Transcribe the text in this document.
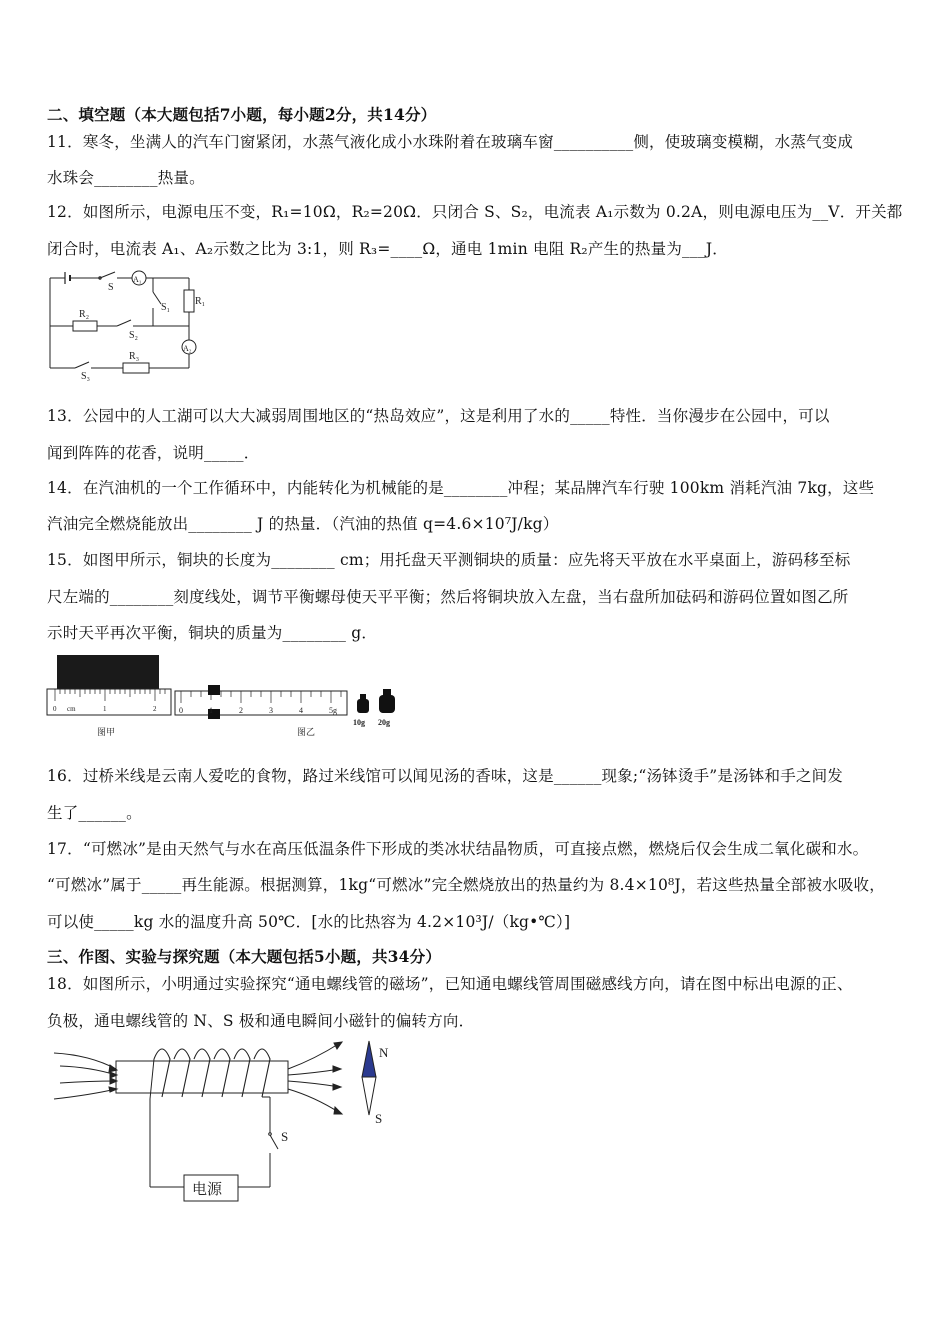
二、填空题（本大题包括7小题，每小题2分，共14分）
11．寒冬，坐满人的汽车门窗紧闭，水蒸气液化成小水珠附着在玻璃车窗__________侧，使玻璃变模糊，水蒸气变成
水珠会________热量。
12．如图所示，电源电压不变，R₁=10Ω，R₂=20Ω．只闭合 S、S₂，电流表 A₁示数为 0.2A，则电源电压为__V．开关都
闭合时，电流表 A₁、A₂示数之比为 3:1，则 R₃=____Ω，通电 1min 电阻 R₂产生的热量为___J．
S
A₁
S₁
R₁
R₂
S₂
A₂
R₃
S₃
13．公园中的人工湖可以大大减弱周围地区的“热岛效应”，这是利用了水的_____特性．当你漫步在公园中，可以
闻到阵阵的花香，说明_____．
14．在汽油机的一个工作循环中，内能转化为机械能的是________冲程；某品牌汽车行驶 100km 消耗汽油 7kg，这些
汽油完全燃烧能放出________ J 的热量．（汽油的热值 q=4.6×10⁷J/kg）
15．如图甲所示，铜块的长度为________ cm；用托盘天平测铜块的质量：应先将天平放在水平桌面上，游码移至标
尺左端的________刻度线处，调节平衡螺母使天平平衡；然后将铜块放入左盘，当右盘所加砝码和游码位置如图乙所
示时天平再次平衡，铜块的质量为________ g．
0 cm	1	2
图甲
0	1	2	3	4	5g
图乙
10g 20g
16．过桥米线是云南人爱吃的食物，路过米线馆可以闻见汤的香味，这是______现象;“汤钵烫手”是汤钵和手之间发
生了______。
17．“可燃冰”是由天然气与水在高压低温条件下形成的类冰状结晶物质，可直接点燃，燃烧后仅会生成二氧化碳和水。
“可燃冰”属于_____再生能源。根据测算，1kg“可燃冰”完全燃烧放出的热量约为 8.4×10⁸J，若这些热量全部被水吸收，
可以使_____kg 水的温度升高 50℃．[水的比热容为 4.2×10³J/（kg•℃）]
三、作图、实验与探究题（本大题包括5小题，共34分）
18．如图所示，小明通过实验探究“通电螺线管的磁场”，已知通电螺线管周围磁感线方向，请在图中标出电源的正、
负极，通电螺线管的 N、S 极和通电瞬间小磁针的偏转方向．
N
S
S
电源
